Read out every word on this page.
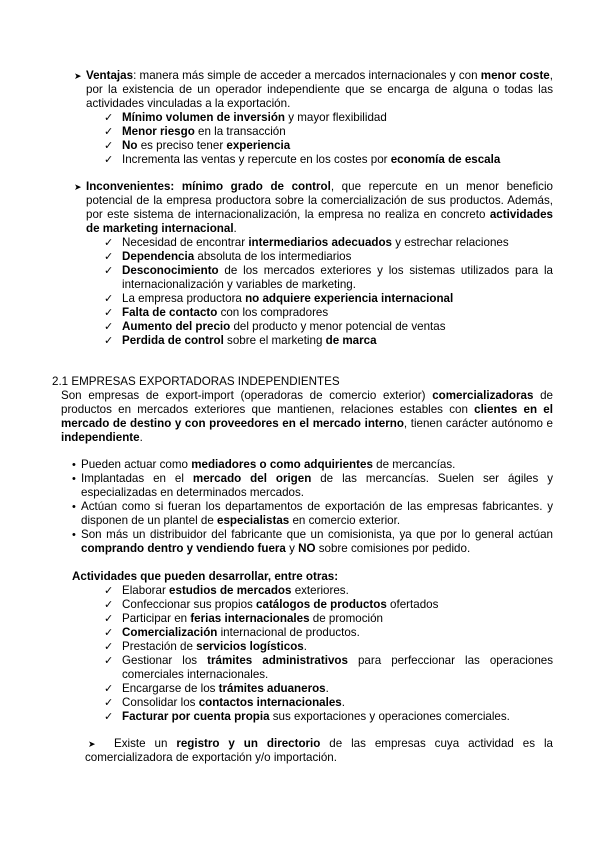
➤ Ventajas: manera más simple de acceder a mercados internacionales y con menor coste, por la existencia de un operador independiente que se encarga de alguna o todas las actividades vinculadas a la exportación.
✓ Mínimo volumen de inversión y mayor flexibilidad
✓ Menor riesgo en la transacción
✓ No es preciso tener experiencia
✓ Incrementa las ventas y repercute en los costes por economía de escala
➤ Inconvenientes: mínimo grado de control, que repercute en un menor beneficio potencial de la empresa productora sobre la comercialización de sus productos. Además, por este sistema de internacionalización, la empresa no realiza en concreto actividades de marketing internacional.
✓ Necesidad de encontrar intermediarios adecuados y estrechar relaciones
✓ Dependencia absoluta de los intermediarios
✓ Desconocimiento de los mercados exteriores y los sistemas utilizados para la internacionalización y variables de marketing.
✓ La empresa productora no adquiere experiencia internacional
✓ Falta de contacto con los compradores
✓ Aumento del precio del producto y menor potencial de ventas
✓ Perdida de control sobre el marketing de marca
2.1 EMPRESAS EXPORTADORAS INDEPENDIENTES
Son empresas de export-import (operadoras de comercio exterior) comercializadoras de productos en mercados exteriores que mantienen, relaciones estables con clientes en el mercado de destino y con proveedores en el mercado interno, tienen carácter autónomo e independiente.
• Pueden actuar como mediadores o como adquirientes de mercancías.
• Implantadas en el mercado del origen de las mercancías. Suelen ser ágiles y especializadas en determinados mercados.
• Actúan como si fueran los departamentos de exportación de las empresas fabricantes. y disponen de un plantel de especialistas en comercio exterior.
• Son más un distribuidor del fabricante que un comisionista, ya que por lo general actúan comprando dentro y vendiendo fuera y NO sobre comisiones por pedido.
Actividades que pueden desarrollar, entre otras:
✓ Elaborar estudios de mercados exteriores.
✓ Confeccionar sus propios catálogos de productos ofertados
✓ Participar en ferias internacionales de promoción
✓ Comercialización internacional de productos.
✓ Prestación de servicios logísticos.
✓ Gestionar los trámites administrativos para perfeccionar las operaciones comerciales internacionales.
✓ Encargarse de los trámites aduaneros.
✓ Consolidar los contactos internacionales.
✓ Facturar por cuenta propia sus exportaciones y operaciones comerciales.
➤	Existe un registro y un directorio de las empresas cuya actividad es la comercializadora de exportación y/o importación.
